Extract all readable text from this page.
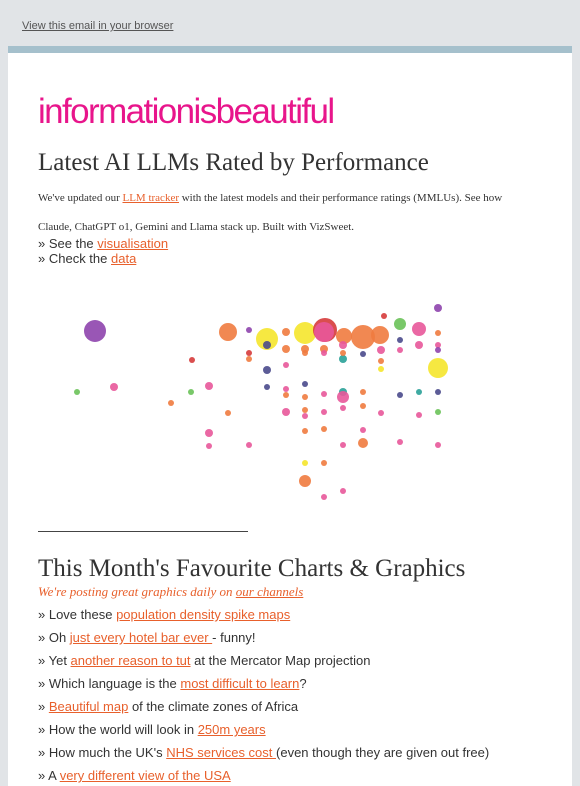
View this email in your browser
informationisbeautiful
Latest AI LLMs Rated by Performance
We've updated our LLM tracker with the latest models and their performance ratings (MMLUs). See how Claude, ChatGPT o1, Gemini and Llama stack up. Built with VizSweet.
» See the visualisation
» Check the data
This Month's Favourite Charts & Graphics
We're posting great graphics daily on our channels
» Love these population density spike maps
» Oh just every hotel bar ever - funny!
» Yet another reason to tut at the Mercator Map projection
» Which language is the most difficult to learn?
» Beautiful map of the climate zones of Africa
» How the world will look in 250m years
» How much the UK's NHS services cost (even though they are given out free)
» A very different view of the USA
